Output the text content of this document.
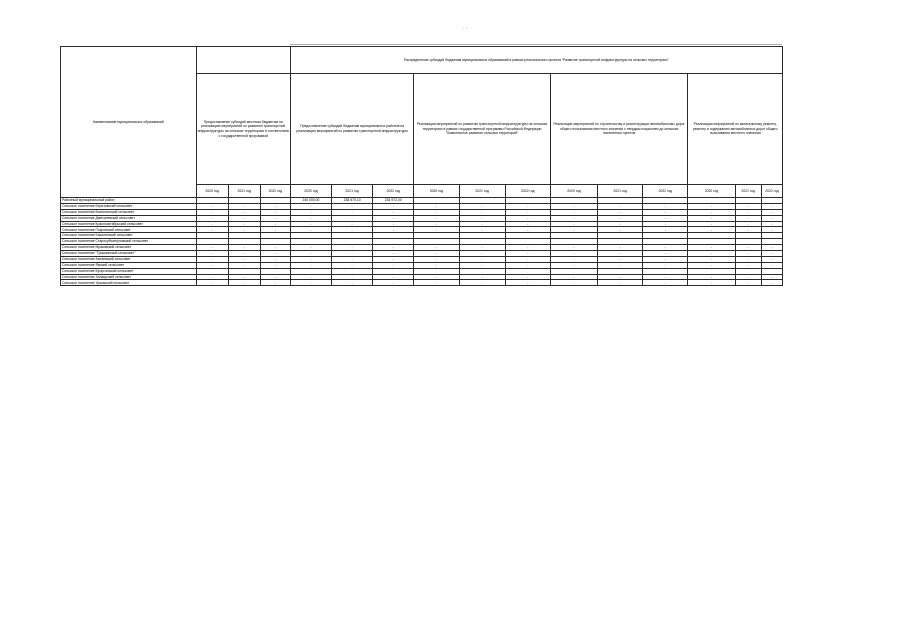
· ·
Наименование муниципальных образований				Распределение субсидий бюджетам муниципальных образований в рамках регионального проекта "Развитие транспортной инфраструктуры на сельских территориях"											
	Предоставление субсидий местным бюджетам на реализацию мероприятий по развитию транспортной инфраструктуры на сельских территориях в соответствии с государственной программой			Предоставление субсидий бюджетам муниципальных районов на реализацию мероприятий по развитию транспортной инфраструктуры			Реализация мероприятий по развитию транспортной инфраструктуры на сельских территориях в рамках государственной программы Российской Федерации "Комплексное развитие сельских территорий"			Реализация мероприятий по строительству и реконструкции автомобильных дорог общего пользования местного значения с твердым покрытием до сельских населенных пунктов			Реализация мероприятий по капитальному ремонту, ремонту и содержанию автомобильных дорог общего пользования местного значения		
	2020 год	2021 год	2022 год	2020 год	2021 год	2022 год	2020 год	2021 год	2022 год	2020 год	2021 год	2022 год	2020 год	2021 год	2022 год
Районный муниципальный район				240 000,00	238 570,10	234 972,00									
Сельское поселение Березовский сельсовет	-	-	-	-	-	-	-	-	-	-	-	-	-	-	-
Сельское поселение Вознесенский сельсовет	-	-	-	-	-	-	-	-	-	-	-	-	-	-	-
Сельское поселение Дмитриевский сельсовет	-	-	-	-	-	-	-	-	-	-	-	-	-	-	-
Сельское поселение Краснооктябрьский сельсовет	-	-	-	-	-	-	-	-	-	-	-	-	-	-	-
Сельское поселение Покровский сельсовет	-	-	-	-	-	-	-	-	-	-	-	-	-	-	-
Сельское поселение Бакалинский сельсовет															
Сельское поселение Старосубхангуловский сельсовет															
Сельское поселение Мраковский сельсовет	-	-	-	-	-	-	-	-	-	-	-	-	-	-	-
Сельское поселение "Трошкинский сельсовет"	-	-	-	-	-	-	-	-	-	-	-	-	-	-	-
Сельское поселение Азнаевский сельсовет	-	-	-	-	-	-	-	-	-	-	-	-	-	-	-
Сельское поселение Ямский сельсовет	-	-	-	-	-	-	-	-	-	-	-	-	-	-	-
Сельское поселение Кугарчинский сельсовет															
Сельское поселение Зилаирский сельсовет	-	-	-	-	-	-	-	-	-	-	-	-	-	-	-
Сельское поселение Уршакский сельсовет	-	-	-	-	-	-	-	-	-	-	-	-	-	-	-
